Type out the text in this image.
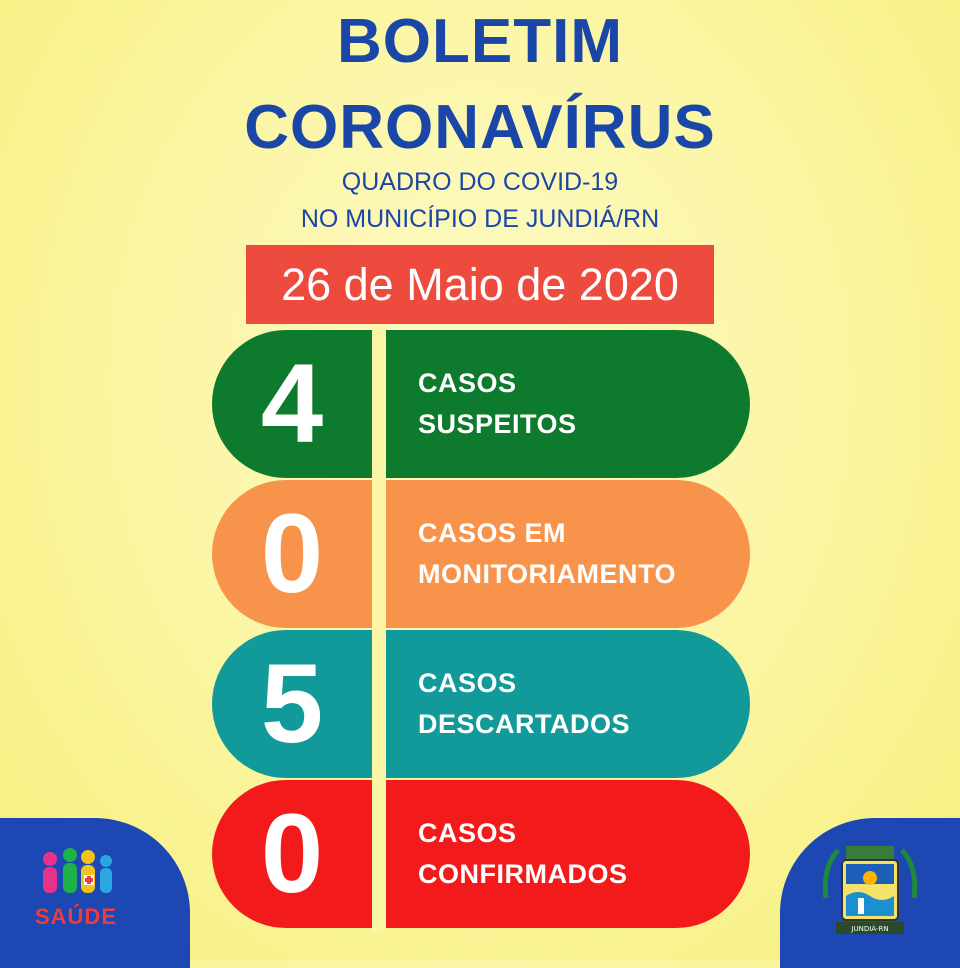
BOLETIM
CORONAVÍRUS
QUADRO DO COVID-19
NO MUNICÍPIO DE JUNDIÁ/RN
26 de Maio de 2020
4	CASOS
SUSPEITOS
0	CASOS EM
MONITORIAMENTO
5	CASOS
DESCARTADOS
0	CASOS
CONFIRMADOS
SAÚDE	JUNDIÁ-RN
